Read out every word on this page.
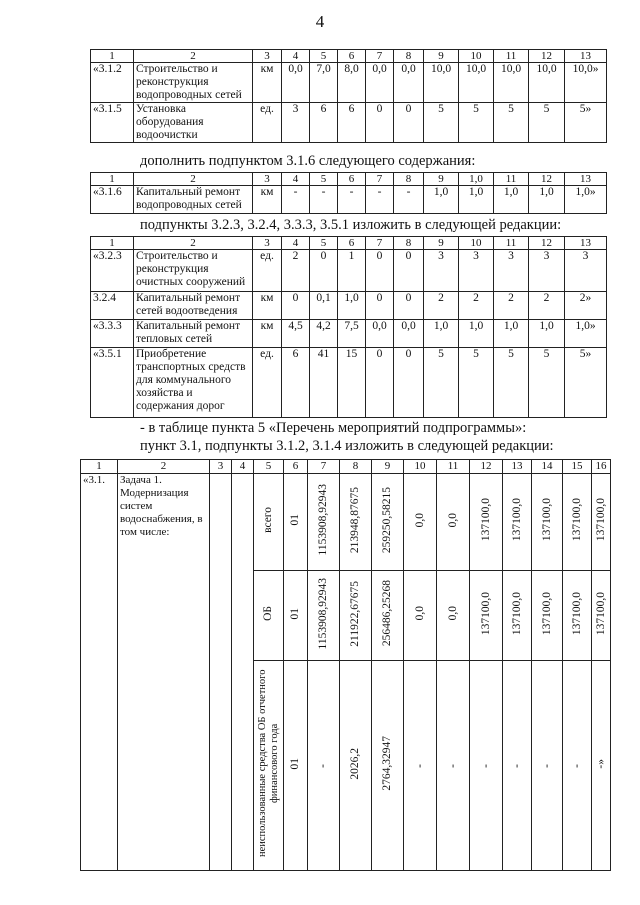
4
1	2	3	4	5	6	7	8	9	10	11	12	13
«3.1.2	Строительство и реконструкция водопроводных сетей	км	0,0	7,0	8,0	0,0	0,0	10,0	10,0	10,0	10,0	10,0»
«3.1.5	Установка оборудования водоочистки	ед.	3	6	6	0	0	5	5	5	5	5»
дополнить подпунктом 3.1.6 следующего содержания:
1	2	3	4	5	6	7	8	9	1,0	11	12	13
«3.1.6	Капитальный ремонт водопроводных сетей	км	-	-	-	-	-	1,0	1,0	1,0	1,0	1,0»
подпункты 3.2.3, 3.2.4, 3.3.3, 3.5.1 изложить в следующей редакции:
1	2	3	4	5	6	7	8	9	10	11	12	13
«3.2.3	Строительство и реконструкция очистных сооружений	ед.	2	0	1	0	0	3	3	3	3	3
3.2.4	Капитальный ремонт сетей водоотведения	км	0	0,1	1,0	0	0	2	2	2	2	2»
«3.3.3	Капитальный ремонт тепловых сетей	км	4,5	4,2	7,5	0,0	0,0	1,0	1,0	1,0	1,0	1,0»
«3.5.1	Приобретение транспортных средств для коммунального хозяйства и содержания дорог	ед.	6	41	15	0	0	5	5	5	5	5»
- в таблице пункта 5 «Перечень мероприятий подпрограммы»:
пункт 3.1, подпункты 3.1.2, 3.1.4 изложить в следующей редакции:
1	2	3	4	5	6	7	8	9	10	11	12	13	14	15	16
«3.1.	Задача 1. Модернизация систем водоснабжения, в том числе:			всего	01	1153908,92943	213948,87675	259250,58215	0,0	0,0	137100,0	137100,0	137100,0	137100,0	137100,0
				ОБ	01	1153908,92943	211922,67675	256486,25268	0,0	0,0	137100,0	137100,0	137100,0	137100,0	137100,0
				неиспользованные средства ОБ отчетного финансового года	01	-	2026,2	2764,32947	-	-	-	-	-	-	-»
